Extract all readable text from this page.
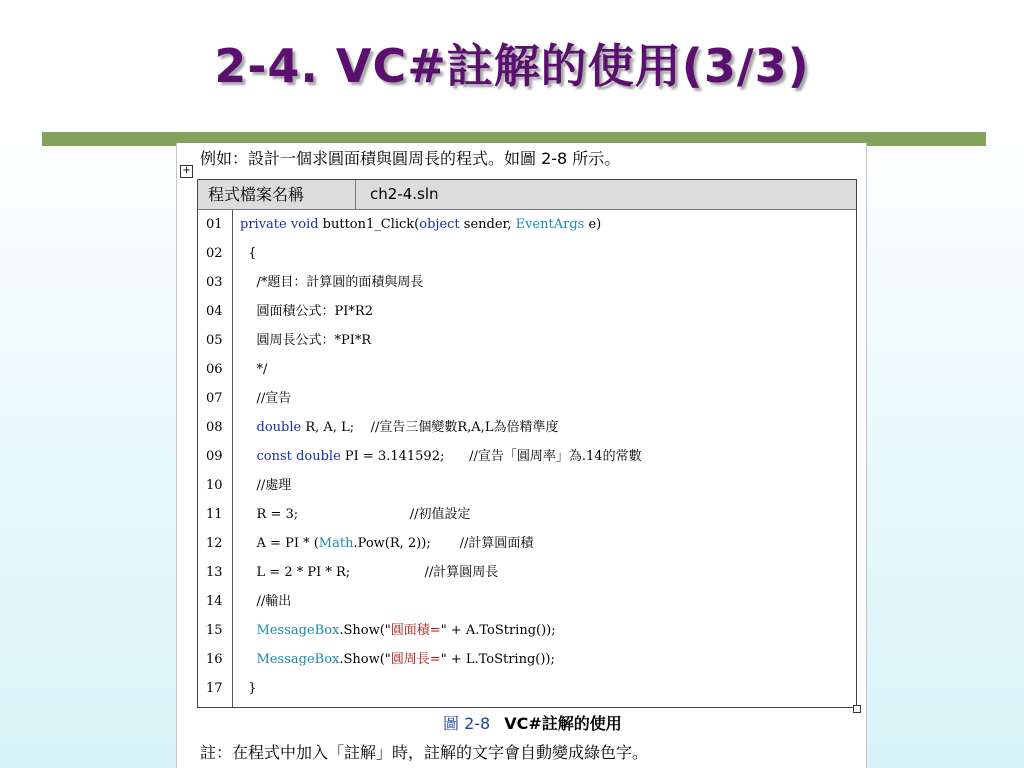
2-4. VC#註解的使用(3/3)
+
例如：設計一個求圓面積與圓周長的程式。如圖 2-8 所示。
程式檔案名稱	ch2-4.sln
01 private void button1_Click(object sender, EventArgs e)
02 {
03 /*題目：計算圓的面積與周長
04 圓面積公式：PI*R2
05 圓周長公式：*PI*R
06 */
07 //宣告
08	double R, A, L;    //宣告三個變數R,A,L為倍精準度
09	const double PI = 3.141592;      //宣告「圓周率」為.14的常數
10 //處理
11 R = 3;                           //初值設定
12 A = PI * (Math.Pow(R, 2));       //計算圓面積
13 L = 2 * PI * R;                  //計算圓周長
14 //輸出
15	MessageBox.Show("圓面積=" + A.ToString());
16	MessageBox.Show("圓周長=" + L.ToString());
17 }
圖 2-8 VC#註解的使用
註：在程式中加入「註解」時，註解的文字會自動變成綠色字。
